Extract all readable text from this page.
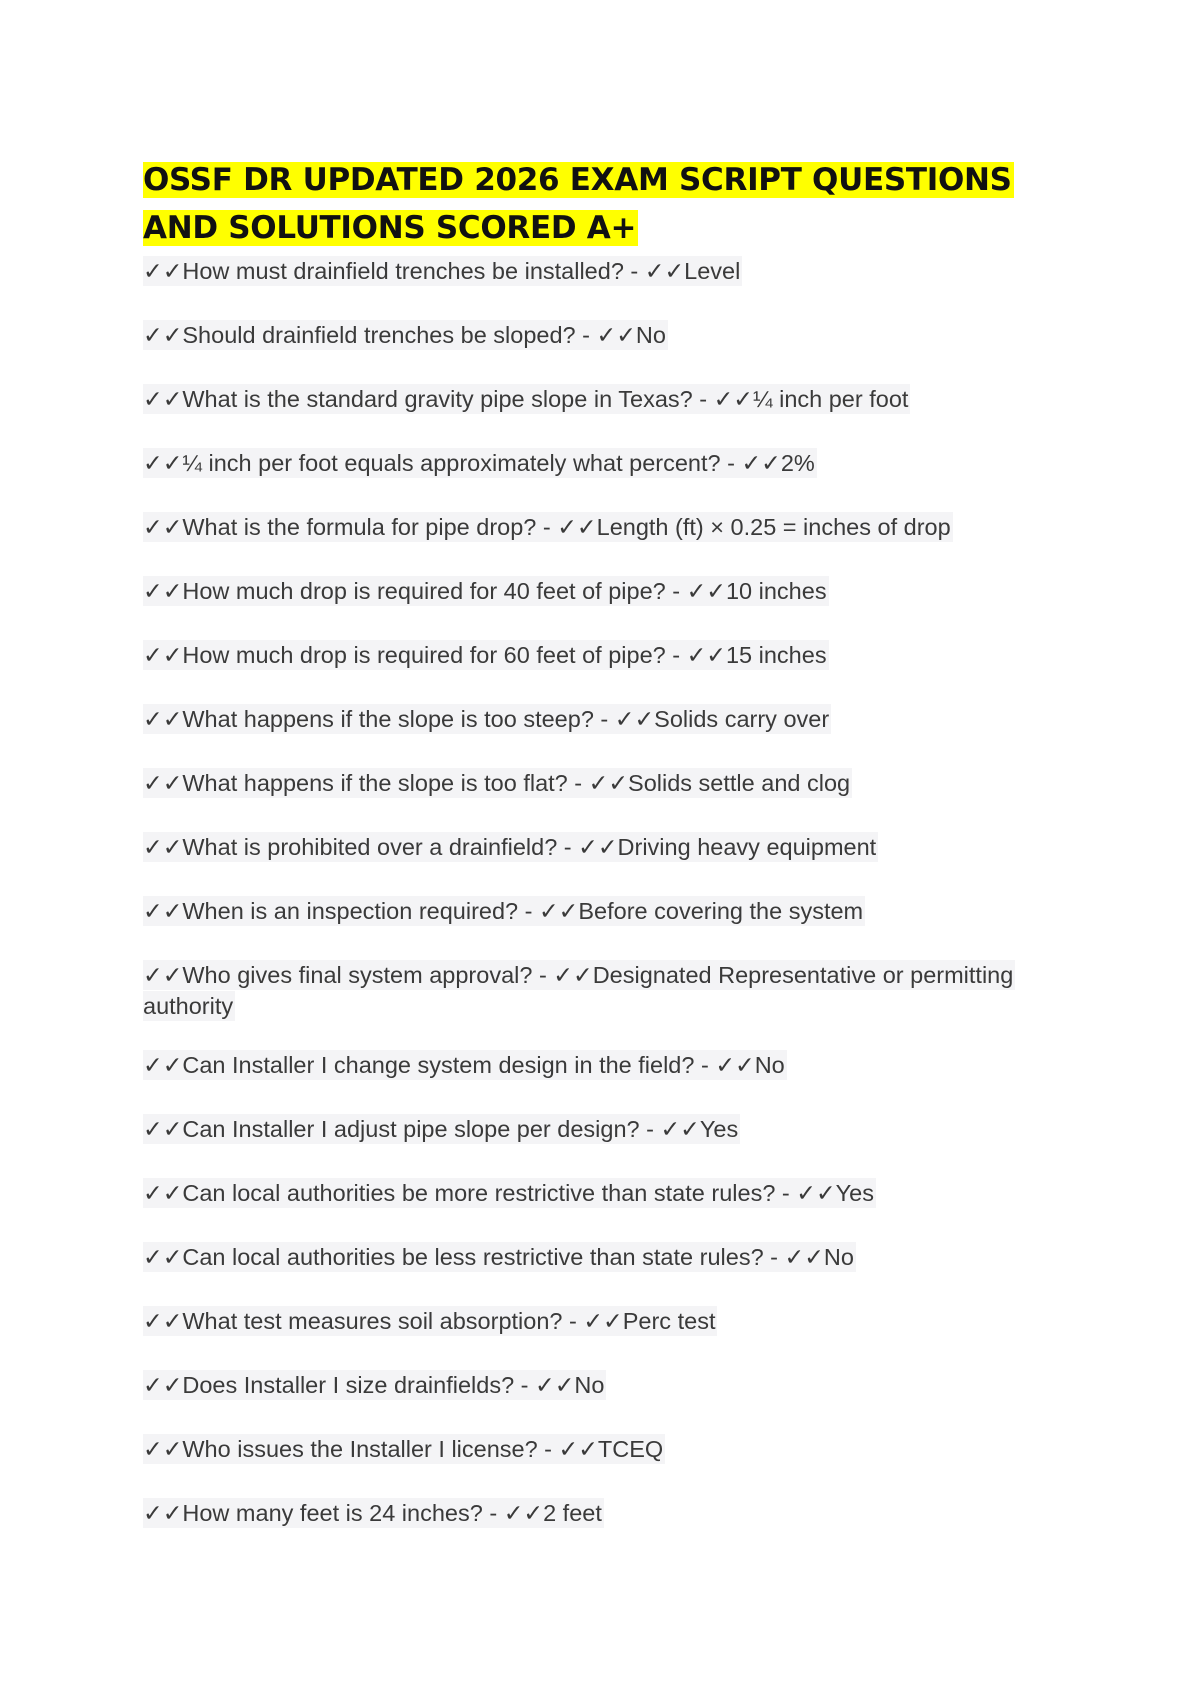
OSSF DR UPDATED 2026 EXAM SCRIPT QUESTIONS AND SOLUTIONS SCORED A+
✓✓How must drainfield trenches be installed? - ✓✓Level
✓✓Should drainfield trenches be sloped? - ✓✓No
✓✓What is the standard gravity pipe slope in Texas? - ✓✓¼ inch per foot
✓✓¼ inch per foot equals approximately what percent? - ✓✓2%
✓✓What is the formula for pipe drop? - ✓✓Length (ft) × 0.25 = inches of drop
✓✓How much drop is required for 40 feet of pipe? - ✓✓10 inches
✓✓How much drop is required for 60 feet of pipe? - ✓✓15 inches
✓✓What happens if the slope is too steep? - ✓✓Solids carry over
✓✓What happens if the slope is too flat? - ✓✓Solids settle and clog
✓✓What is prohibited over a drainfield? - ✓✓Driving heavy equipment
✓✓When is an inspection required? - ✓✓Before covering the system
✓✓Who gives final system approval? - ✓✓Designated Representative or permitting authority
✓✓Can Installer I change system design in the field? - ✓✓No
✓✓Can Installer I adjust pipe slope per design? - ✓✓Yes
✓✓Can local authorities be more restrictive than state rules? - ✓✓Yes
✓✓Can local authorities be less restrictive than state rules? - ✓✓No
✓✓What test measures soil absorption? - ✓✓Perc test
✓✓Does Installer I size drainfields? - ✓✓No
✓✓Who issues the Installer I license? - ✓✓TCEQ
✓✓How many feet is 24 inches? - ✓✓2 feet
